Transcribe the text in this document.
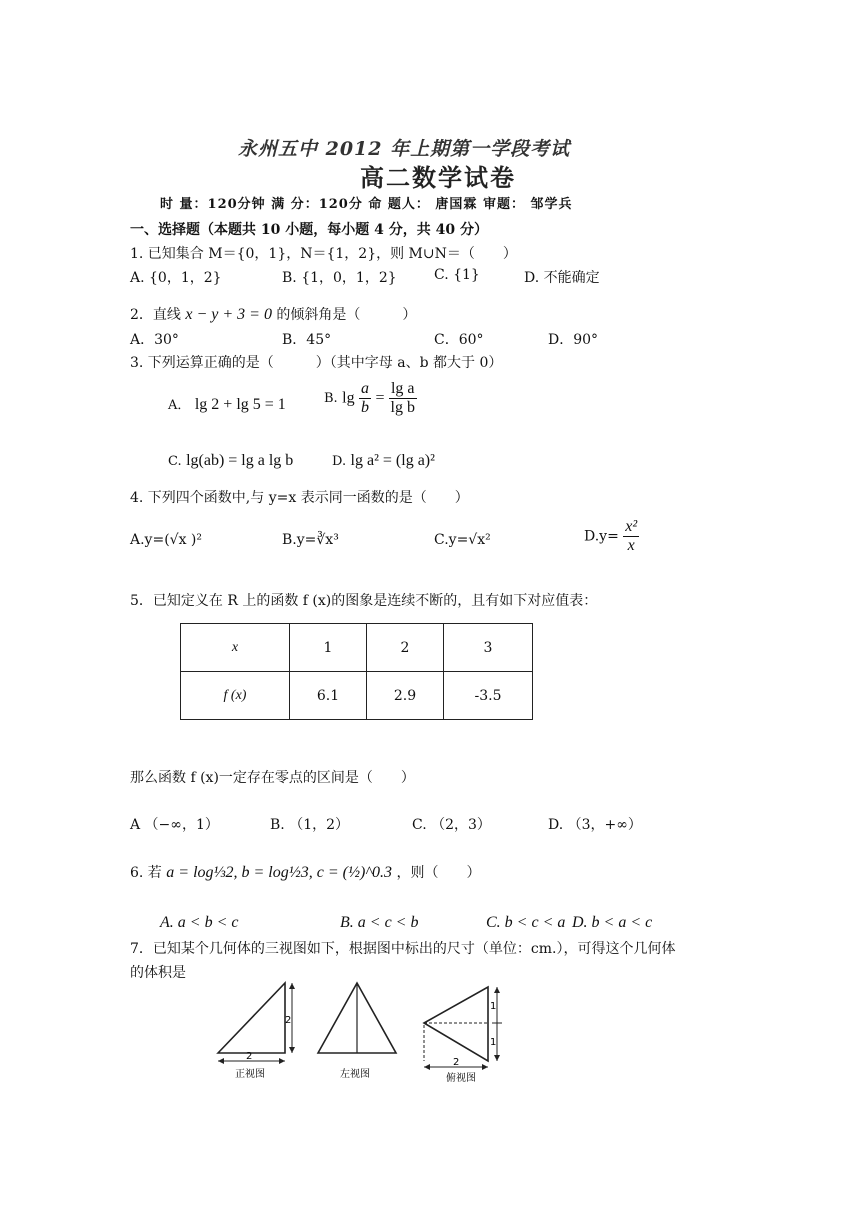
永州五中 2012 年上期第一学段考试
高二数学试卷
时 量：120分钟 满 分：120分 命 题人： 唐国霖 审题： 邹学兵
一、选择题（本题共 10 小题，每小题 4 分，共 40 分）
1. 已知集合 M＝{0，1}，N＝{1，2}，则 M∪N＝（　　）
A. {0，1，2}	B. {1，0，1，2}	C. {1}	D. 不能确定
2．直线 x − y + 3 = 0 的倾斜角是（　　　）
A．30°	B．45°	C．60°	D．90°
3. 下列运算正确的是（　　　）（其中字母 a、b 都大于 0）
A． lg 2 + lg 5 = 1	B. $\lg \frac{a}{b} = \frac{\text{lg a}}{\text{lg b}}$
C. lg(ab) = lg a lg b	D. lg a² = (lg a)²
4. 下列四个函数中,与 y=x 表示同一函数的是（　　）
A.y=(√x )²	B.y=∛x³	C.y=√x²	$D.y= \frac{\text{x²}}{x}$
5．已知定义在 R 上的函数 f (x)的图象是连续不断的，且有如下对应值表：
x	1	2	3
f (x)	6.1	2.9	-3.5
那么函数 f (x)一定存在零点的区间是（　　）
A （−∞，1）	B. （1，2）	C. （2，3）	D. （3，+∞）
6. 若 a = log⅓2, b = log½3, c = (½)^0.3 ，则（　　）
A. a < b < c	B. a < c < b	C. b < c < a D. b < a < c
7．已知某个几何体的三视图如下，根据图中标出的尺寸（单位：cm.），可得这个几何体
的体积是
2
2
正视图	左视图
1
1
2
俯视图
